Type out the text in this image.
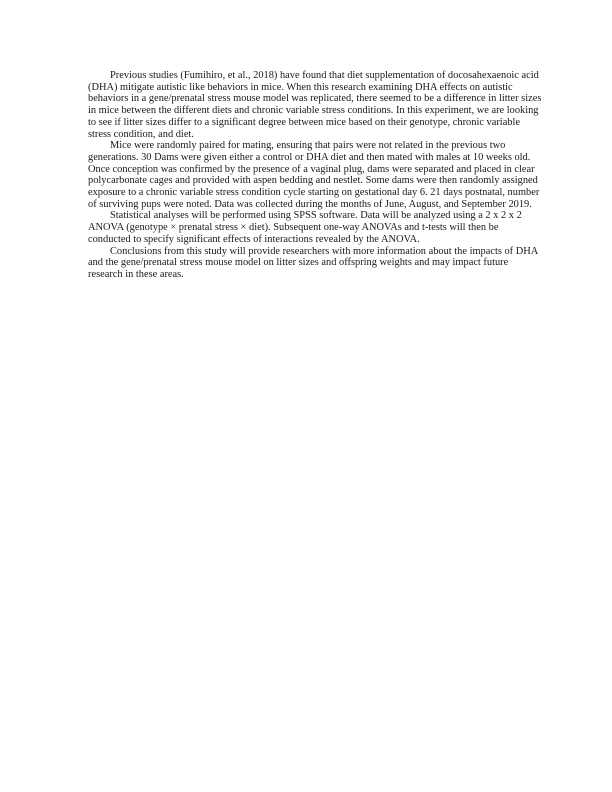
Previous studies (Fumihiro, et al., 2018) have found that diet supplementation of docosahexaenoic acid (DHA) mitigate autistic like behaviors in mice. When this research examining DHA effects on autistic behaviors in a gene/prenatal stress mouse model was replicated, there seemed to be a difference in litter sizes in mice between the different diets and chronic variable stress conditions. In this experiment, we are looking to see if litter sizes differ to a significant degree between mice based on their genotype, chronic variable stress condition, and diet.

Mice were randomly paired for mating, ensuring that pairs were not related in the previous two generations. 30 Dams were given either a control or DHA diet and then mated with males at 10 weeks old. Once conception was confirmed by the presence of a vaginal plug, dams were separated and placed in clear polycarbonate cages and provided with aspen bedding and nestlet. Some dams were then randomly assigned exposure to a chronic variable stress condition cycle starting on gestational day 6. 21 days postnatal, number of surviving pups were noted. Data was collected during the months of June, August, and September 2019.

Statistical analyses will be performed using SPSS software. Data will be analyzed using a 2 x 2 x 2 ANOVA (genotype × prenatal stress × diet). Subsequent one-way ANOVAs and t-tests will then be conducted to specify significant effects of interactions revealed by the ANOVA.

Conclusions from this study will provide researchers with more information about the impacts of DHA and the gene/prenatal stress mouse model on litter sizes and offspring weights and may impact future research in these areas.
